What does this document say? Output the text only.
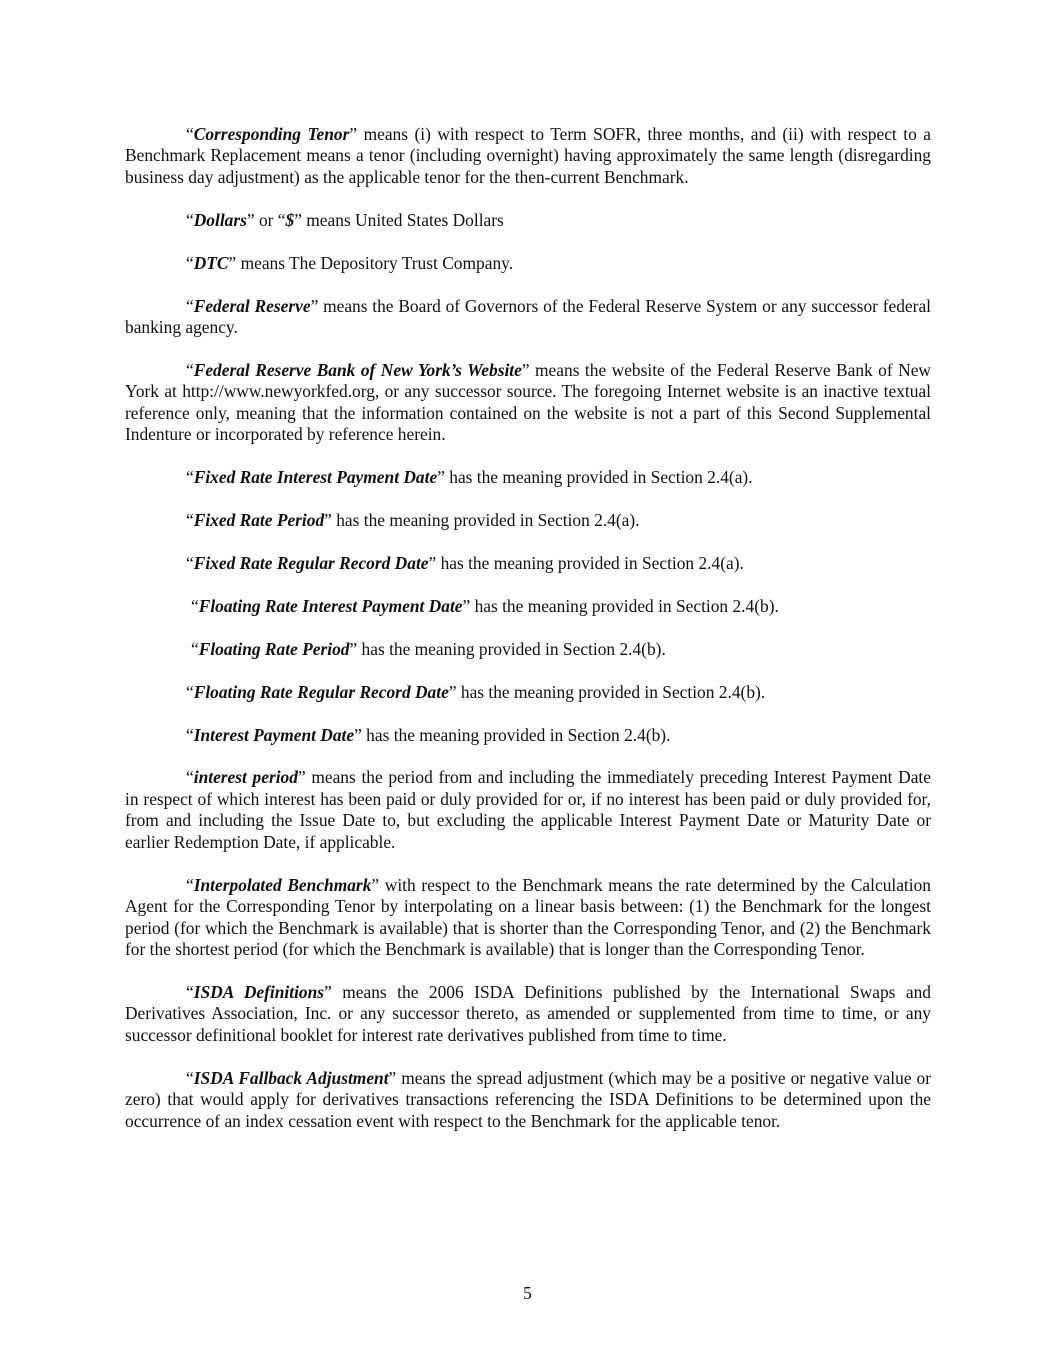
“Corresponding Tenor” means (i) with respect to Term SOFR, three months, and (ii) with respect to a Benchmark Replacement means a tenor (including overnight) having approximately the same length (disregarding business day adjustment) as the applicable tenor for the then-current Benchmark.

“Dollars” or “$” means United States Dollars

“DTC” means The Depository Trust Company.

“Federal Reserve” means the Board of Governors of the Federal Reserve System or any successor federal banking agency.

“Federal Reserve Bank of New York’s Website” means the website of the Federal Reserve Bank of New York at http://www.newyorkfed.org, or any successor source. The foregoing Internet website is an inactive textual reference only, meaning that the information contained on the website is not a part of this Second Supplemental Indenture or incorporated by reference herein.

“Fixed Rate Interest Payment Date” has the meaning provided in Section 2.4(a).

“Fixed Rate Period” has the meaning provided in Section 2.4(a).

“Fixed Rate Regular Record Date” has the meaning provided in Section 2.4(a).

“Floating Rate Interest Payment Date” has the meaning provided in Section 2.4(b).

“Floating Rate Period” has the meaning provided in Section 2.4(b).

“Floating Rate Regular Record Date” has the meaning provided in Section 2.4(b).

“Interest Payment Date” has the meaning provided in Section 2.4(b).

“interest period” means the period from and including the immediately preceding Interest Payment Date in respect of which interest has been paid or duly provided for or, if no interest has been paid or duly provided for, from and including the Issue Date to, but excluding the applicable Interest Payment Date or Maturity Date or earlier Redemption Date, if applicable.

“Interpolated Benchmark” with respect to the Benchmark means the rate determined by the Calculation Agent for the Corresponding Tenor by interpolating on a linear basis between: (1) the Benchmark for the longest period (for which the Benchmark is available) that is shorter than the Corresponding Tenor, and (2) the Benchmark for the shortest period (for which the Benchmark is available) that is longer than the Corresponding Tenor.

“ISDA Definitions” means the 2006 ISDA Definitions published by the International Swaps and Derivatives Association, Inc. or any successor thereto, as amended or supplemented from time to time, or any successor definitional booklet for interest rate derivatives published from time to time.

“ISDA Fallback Adjustment” means the spread adjustment (which may be a positive or negative value or zero) that would apply for derivatives transactions referencing the ISDA Definitions to be determined upon the occurrence of an index cessation event with respect to the Benchmark for the applicable tenor.

5
